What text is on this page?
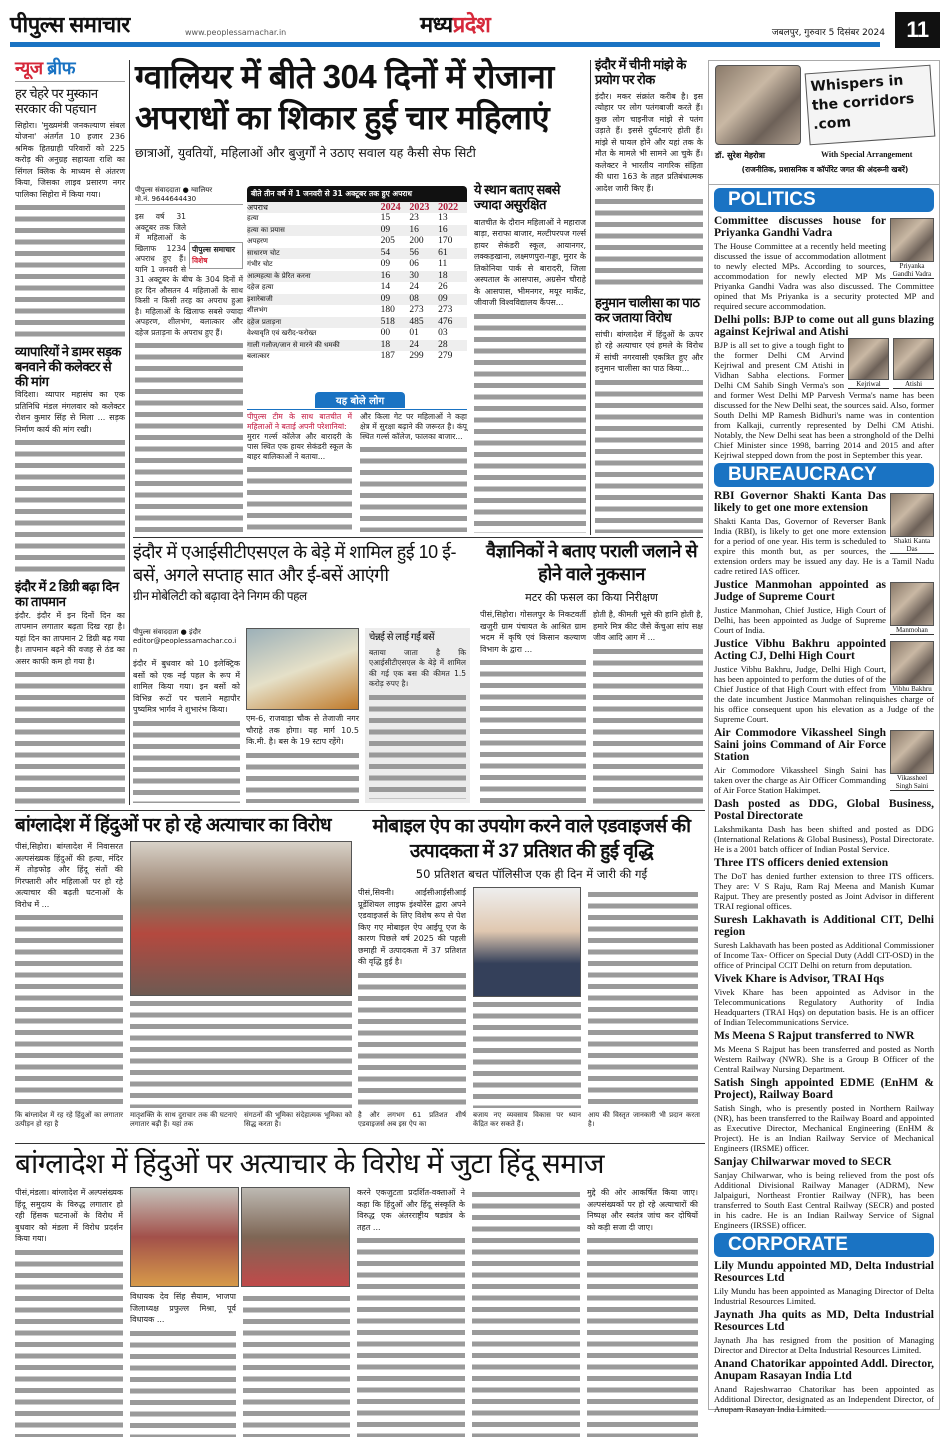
पीपुल्स समाचार	www.peoplessamachar.in	मध्यप्रदेश	जबलपुर, गुरुवार 5 दिसंबर 2024 11
न्यूज ब्रीफ
हर चेहरे पर मुस्कान सरकार की पहचान
सिहोरा। 'मुख्यमंत्री जनकल्याण संबल योजना' अंतर्गत 10 हजार 236 श्रमिक हितग्राही परिवारों को 225 करोड़ की अनुग्रह सहायता राशि का सिंगल क्लिक के माध्यम से अंतरण किया, जिसका लाइव प्रसारण नगर पालिका सिहोरा में किया गया।
व्यापारियों ने डामर सड़क बनवाने की कलेक्टर से की मांग
विदिशा। व्यापार महासंघ का एक प्रतिनिधि मंडल मंगलवार को कलेक्टर रोशन कुमार सिंह से मिला ... सड़क निर्माण कार्य की मांग रखी।
इंदौर में 2 डिग्री बढ़ा दिन का तापमान
इंदौर. इंदौर में इन दिनों दिन का तापमान लगातार बढ़ता दिख रहा है। यहां दिन का तापमान 2 डिग्री बढ़ गया है। तापमान बढ़ने की वजह से ठंड का असर काफी कम हो गया है।
ग्वालियर में बीते 304 दिनों में रोजाना अपराधों का शिकार हुई चार महिलाएं
छात्राओं, युवतियों, महिलाओं और बुजुर्गों ने उठाए सवाल यह कैसी सेफ सिटी
पीपुल्स संवाददाता ● ग्वालियर
मो.नं. 9644644430
पीपुल्स समाचार
विशेष
इस वर्ष 31 अक्टूबर तक जिले में महिलाओं के खिलाफ 1234 अपराध हुए हैं। यानि 1 जनवरी से 31 अक्टूबर के बीच के 304 दिनों में हर दिन औसतन 4 महिलाओं के साथ किसी न किसी तरह का अपराध हुआ है। महिलाओं के खिलाफ सबसे ज्यादा अपहरण, शीलभंग, बलात्कार और दहेज प्रताड़ना के अपराध हुए हैं।
बीते तीन वर्ष में 1 जनवरी से 31 अक्टूबर तक हुए अपराध
अपराध	2024	2023	2022
हत्या	15	23	13
हत्या का प्रयास	09	16	16
अपहरण	205	200	170
साधारण चोट	54	56	61
गंभीर चोट	09	06	11
आत्महत्या के प्रेरित करना	16	30	18
दहेज हत्या	14	24	26
इशारेबाजी	09	08	09
शीलभंग	180	273	273
दहेज प्रताड़ना	518	485	476
वेश्यावृति एवं खरीद-फरोख्त	00	01	03
गाली गलौज/जान से मारने की धमकी	18	24	28
बलात्कार	187	299	279
ये स्थान बताए सबसे ज्यादा असुरक्षित
बातचीत के दौरान महिलाओं ने महाराज बाड़ा, सराफा बाजार, मल्टीपरपज गर्ल्स हायर सेकंडरी स्कूल, आयानगर, लक्कड़खाना, लक्ष्मणपुरा-गड्डा, मुरार के तिकोनिया पार्क से बारादरी, जिला अस्पताल के आसपास, अग्रसेन चौराहे के आसपास, भीमनगर, मयूर मार्केट, जीवाजी विश्वविद्यालय कैंपस...
यह बोले लोग
पीपुल्स टीम के साथ बातचीत में महिलाओं ने बताई अपनी परेशानियां:
मुरार गर्ल्स कॉलेज और बारादरी के पास स्थित एक हायर सेकंडरी स्कूल के बाहर बालिकाओं ने बताया...
और किला गेट पर महिलाओं ने कहा क्षेत्र में सुरक्षा बढ़ाने की जरूरत है। कंपू स्थित गर्ल्स कॉलेज, फालका बाजार...
इंदौर में चीनी मांझे के प्रयोग पर रोक
इंदौर। मकर संक्रांत करीब है। इस त्योहार पर लोग पतंगबाजी करते हैं। कुछ लोग चाइनीज मांझे से पतंग उड़ाते हैं। इससे दुर्घटनाएं होती हैं। मांझे से घायल होने और यहां तक के मौत के मामले भी सामने आ चुके हैं। कलेक्टर ने भारतीय नागरिक संहिता की धारा 163 के तहत प्रतिबंधात्मक आदेश जारी किए हैं।
हनुमान चालीसा का पाठ कर जताया विरोध
सांची। बांग्लादेश में हिंदुओं के ऊपर हो रहे अत्याचार एवं हमले के विरोध में सांची नगरवासी एकत्रित हुए और हनुमान चालीसा का पाठ किया...
Whispers in the corridors .com
डॉ. सुरेश मेहरोत्रा	With Special Arrangement
(राजनीतिक, प्रशासनिक व कॉर्पोरेट जगत की अंदरूनी खबरें)
POLITICS
Priyanka Gandhi Vadra
Committee discusses house for Priyanka Gandhi Vadra
The House Committee at a recently held meeting discussed the issue of accommodation allotment to newly elected MPs. According to sources, accommodation for newly elected MP Ms Priyanka Gandhi Vadra was also discussed. The Committee opined that Ms Priyanka is a security protected MP and required secure accommodation.
Delhi polls: BJP to come out all guns blazing against Kejriwal and Atishi
Kejriwal	Atishi
BJP is all set to give a tough fight to the former Delhi CM Arvind Kejriwal and present CM Atishi in Vidhan Sabha elections. Former Delhi CM Sahib Singh Verma's son and former West Delhi MP Parvesh Verma's name has been discussed for the New Delhi seat, the sources said. Also, former South Delhi MP Ramesh Bidhuri's name was in contention from Kalkaji, currently represented by Delhi CM Atishi. Notably, the New Delhi seat has been a stronghold of the Delhi Chief Minister since 1998, barring 2014 and 2015 and after Kejriwal stepped down from the post in September this year.
BUREAUCRACY
Shakti Kanta Das
RBI Governor Shakti Kanta Das likely to get one more extension
Shakti Kanta Das, Governor of Reverser Bank India (RBI), is likely to get one more extension for a period of one year. His term is scheduled to expire this month but, as per sources, the extension orders may be issued any day. He is a Tamil Nadu cadre retired IAS officer.
Manmohan
Justice Manmohan appointed as Judge of Supreme Court
Justice Manmohan, Chief Justice, High Court of Delhi, has been appointed as Judge of Supreme Court of India.
Vibhu Bakhru
Justice Vibhu Bakhru appointed Acting CJ, Delhi High Court
Justice Vibhu Bakhru, Judge, Delhi High Court, has been appointed to perform the duties of of the Chief Justice of that High Court with effect from the date incumbent Justice Manmohan relinquishes charge of his office consequent upon his elevation as a Judge of the Supreme Court.
Vikassheel Singh Saini
Air Commodore Vikassheel Singh Saini joins Command of Air Force Station
Air Commodore Vikassheel Singh Saini has taken over the charge as Air Officer Commanding of Air Force Station Hakimpet.
Dash posted as DDG, Global Business, Postal Directorate
Lakshmikanta Dash has been shifted and posted as DDG (International Relations & Global Business), Postal Directorate. He is a 2001 batch officer of Indian Postal Service.
Three ITS officers denied extension
The DoT has denied further extension to three ITS officers. They are: V S Raju, Ram Raj Meena and Manish Kumar Rajput. They are presently posted as Joint Advisor in different TRAI regional offices.
Suresh Lakhavath is Additional CIT, Delhi region
Suresh Lakhavath has been posted as Additional Commissioner of Income Tax- Officer on Special Duty (Addl CIT-OSD) in the office of Principal CCIT Delhi on return from deputation.
Vivek Khare is Advisor, TRAI Hqs
Vivek Khare has been appointed as Advisor in the Telecommunications Regulatory Authority of India Headquarters (TRAI Hqs) on deputation basis. He is an officer of Indian Telecommunications Service.
Ms Meena S Rajput transferred to NWR
Ms Meena S Rajput has been transferred and posted as North Western Railway (NWR). She is a Group B Officer of the Central Railway Nursing Department.
Satish Singh appointed EDME (EnHM & Project), Railway Board
Satish Singh, who is presently posted in Northern Railway (NR), has been transferred to the Railway Board and appointed as Executive Director, Mechanical Engineering (EnHM & Project). He is an Indian Railway Service of Mechanical Engineers (IRSME) officer.
Sanjay Chilwarwar moved to SECR
Sanjay Chilwarwar, who is being relieved from the post ofs Additional Divisional Railway Manager (ADRM), New Jalpaiguri, Northeast Frontier Railway (NFR), has been transferred to South East Central Railway (SECR) and posted in his cadre. He is an Indian Railway Service of Signal Engineers (IRSSE) officer.
CORPORATE
Lily Mundu appointed MD, Delta Industrial Resources Ltd
Lily Mundu has been appointed as Managing Director of Delta Industrial Resources Limited.
Jaynath Jha quits as MD, Delta Industrial Resources Ltd
Jaynath Jha has resigned from the position of Managing Director and Director at Delta Industrial Resources Limited.
Anand Chatorikar appointed Addl. Director, Anupam Rasayan India Ltd
Anand Rajeshwarrao Chatorikar has been appointed as Additional Director, designated as an Independent Director, of Anupam Rasayan India Limited.
इंदौर में एआईसीटीएसएल के बेड़े में शामिल हुई 10 ई-बसें, अगले सप्ताह सात और ई-बसें आएंगी
ग्रीन मोबेलिटी को बढ़ावा देने निगम की पहल
पीपुल्स संवाददाता ● इंदौर
editor@peoplessamachar.co.in
इंदौर में बुधवार को 10 इलेक्ट्रिक बसों को एक नई पहल के रूप में शामिल किया गया। इन बसों को विभिन्न रूटों पर चलाने महापौर पुष्यमित्र भार्गव ने शुभारंभ किया।
एम-6, राजवाड़ा चौक से तेजाजी नगर चौराहे तक होगा। यह मार्ग 10.5 कि.मी. है। बस के 19 स्टाप रहेंगे।
चेन्नई से लाई गईं बसें
बताया जाता है कि एआईसीटीएसएल के बेड़े में शामिल की गई एक बस की कीमत 1.5 करोड़ रुपए है।
वैज्ञानिकों ने बताए पराली जलाने से होने वाले नुकसान
मटर की फसल का किया निरीक्षण
पीसं,सिहोरा। गोसलपुर के निकटवर्ती खजुरी ग्राम पंचायत के आश्रित ग्राम भदम में कृषि एवं किसान कल्याण विभाग के द्वारा ...
होती है, कीमती भूसे की हानि होती है, हमारे मित्र कीट जैसे केंचुआ सांप सक्ष जीव आदि आग में ...
बांग्लादेश में हिंदुओं पर हो रहे अत्याचार का विरोध
पीसं,सिहोरा। बांग्लादेश में निवासरत अल्पसंख्यक हिंदुओं की हत्या, मंदिर में तोड़फोड़ और हिंदू संतों की गिरफ्तारी और महिलाओं पर हो रहे अत्याचार की बढ़ती घटनाओं के विरोध में ...
कि बांग्लादेश में रह रहे हिंदुओं का लगातार उत्पीड़न हो रहा है
मातृशक्ति के साथ दुराचार तक की घटनाएं लगातार बढ़ी हैं। यहां तक
संगठनों की भूमिका संदेहात्मक भूमिका को सिद्ध करता है।
मोबाइल ऐप का उपयोग करने वाले एडवाइजर्स की उत्पादकता में 37 प्रतिशत की हुई वृद्धि
50 प्रतिशत बचत पॉलिसीज एक ही दिन में जारी की गईं
पीसं,सिवनी। आईसीआईसीआई प्रूडेंशियल लाइफ इंश्योरेंस द्वारा अपने एडवाइजर्स के लिए विशेष रूप से पेश किए गए मोबाइल ऐप आईपू एज के कारण पिछले वर्ष 2025 की पहली छमाही में उत्पादकता में 37 प्रतिशत की वृद्धि हुई है।
है और लगभग 61 प्रतिशत शीर्ष एडवाइजर्स अब इस ऐप का
बजाय नए व्यवसाय विकास पर ध्यान केंद्रित कर सकते हैं।
आय की विस्तृत जानकारी भी प्रदान करता है।
बांग्लादेश में हिंदुओं पर अत्याचार के विरोध में जुटा हिंदू समाज
पीसं,मंडला। बांग्लादेश में अल्पसंख्यक हिंदू समुदाय के विरुद्ध लगातार हो रही हिंसक घटनाओं के विरोध में बुधवार को मंडला में विरोध प्रदर्शन किया गया।
विधायक देव सिंह सैयाम, भाजपा जिलाध्यक्ष प्रफुल्ल मिश्रा, पूर्व विधायक ...
करने एकजुटता प्रदर्शित-वक्ताओं ने कहा कि हिंदुओं और हिंदू संस्कृति के विरुद्ध एक अंतरराष्ट्रीय षड्यंत्र के तहत ...
मुद्दे की ओर आकर्षित किया जाए। अल्पसंख्यकों पर हो रहे अत्याचारों की निष्पक्ष और स्वतंत्र जांच कर दोषियों को कड़ी सजा दी जाए।
